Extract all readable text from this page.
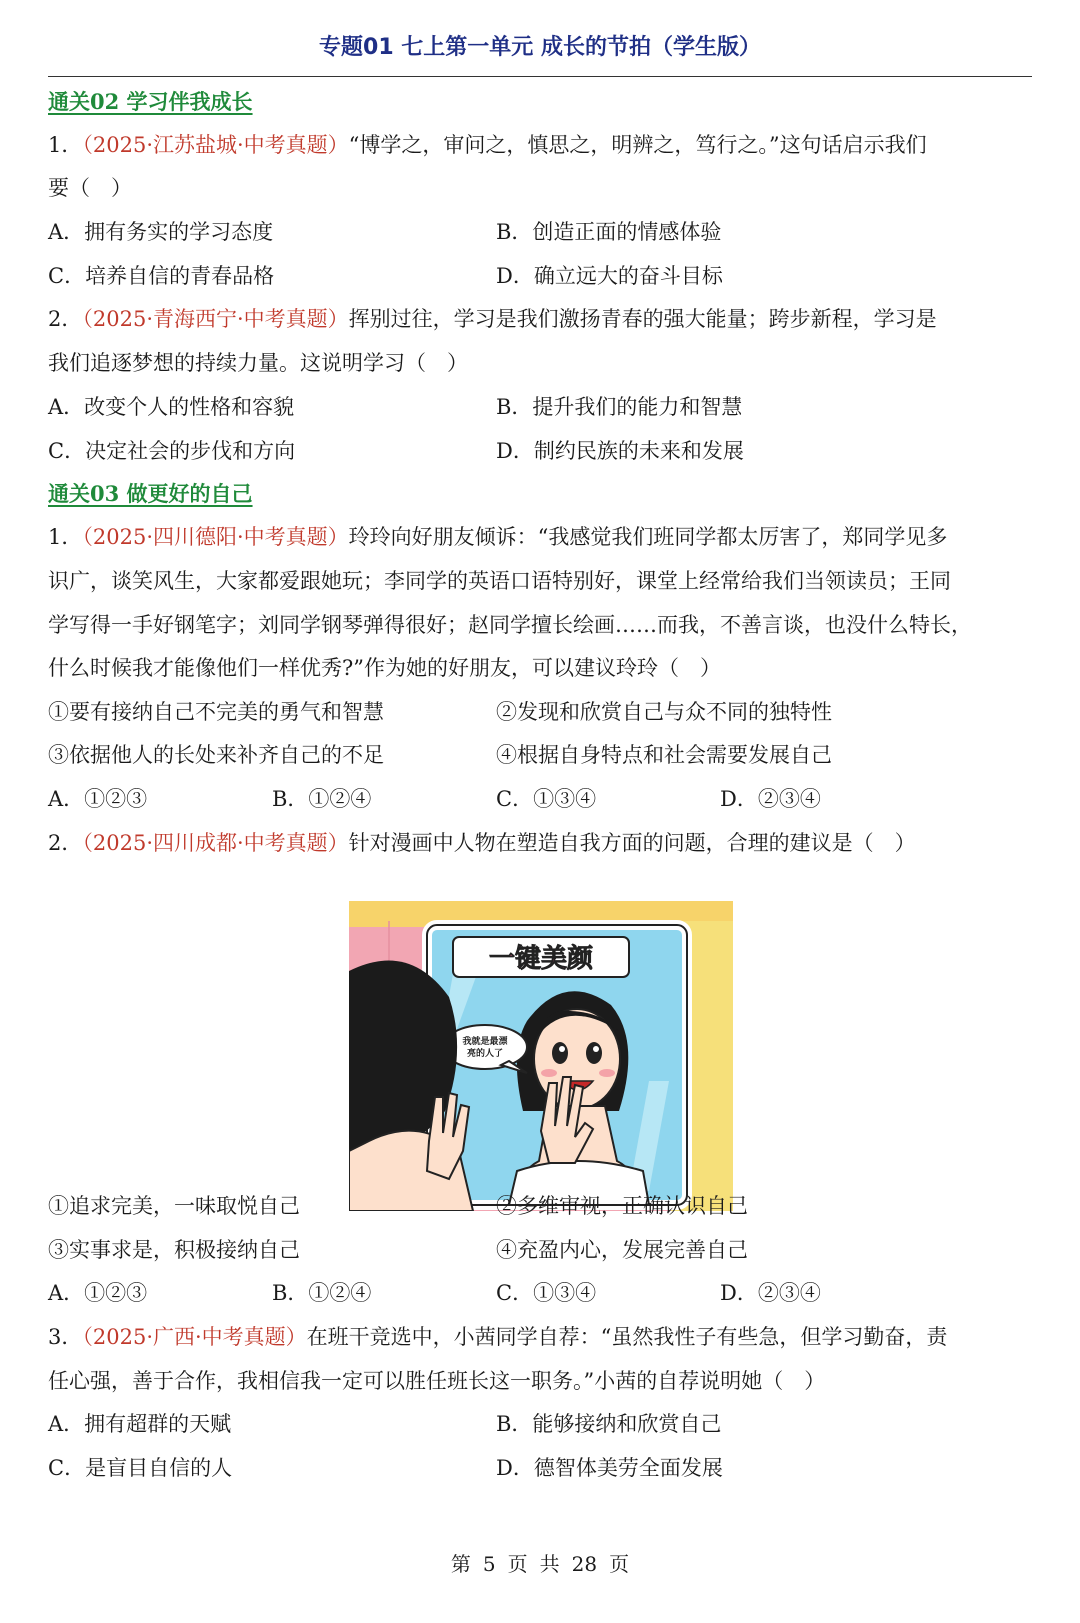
专题01 七上第一单元 成长的节拍（学生版）
通关02 学习伴我成长
1．（2025·江苏盐城·中考真题）“博学之，审问之，慎思之，明辨之，笃行之。”这句话启示我们
要（　）
A．拥有务实的学习态度	B．创造正面的情感体验
C．培养自信的青春品格	D．确立远大的奋斗目标
2．（2025·青海西宁·中考真题）挥别过往，学习是我们激扬青春的强大能量；跨步新程，学习是
我们追逐梦想的持续力量。这说明学习（　）
A．改变个人的性格和容貌	B．提升我们的能力和智慧
C．决定社会的步伐和方向	D．制约民族的未来和发展
通关03 做更好的自己
1．（2025·四川德阳·中考真题）玲玲向好朋友倾诉：“我感觉我们班同学都太厉害了，郑同学见多
识广，谈笑风生，大家都爱跟她玩；李同学的英语口语特别好，课堂上经常给我们当领读员；王同
学写得一手好钢笔字；刘同学钢琴弹得很好；赵同学擅长绘画……而我，不善言谈，也没什么特长，
什么时候我才能像他们一样优秀?”作为她的好朋友，可以建议玲玲（　）
①要有接纳自己不完美的勇气和智慧	②发现和欣赏自己与众不同的独特性
③依据他人的长处来补齐自己的不足	④根据自身特点和社会需要发展自己
A．①②③	B．①②④	C．①③④	D．②③④
2．（2025·四川成都·中考真题）针对漫画中人物在塑造自我方面的问题，合理的建议是（　）
一键美颜
我就是最漂
亮的人了
①追求完美，一味取悦自己	②多维审视，正确认识自己
③实事求是，积极接纳自己	④充盈内心，发展完善自己
A．①②③	B．①②④	C．①③④	D．②③④
3．（2025·广西·中考真题）在班干竞选中，小茜同学自荐：“虽然我性子有些急，但学习勤奋，责
任心强，善于合作，我相信我一定可以胜任班长这一职务。”小茜的自荐说明她（　）
A．拥有超群的天赋	B．能够接纳和欣赏自己
C．是盲目自信的人	D．德智体美劳全面发展
第 5 页 共 28 页
